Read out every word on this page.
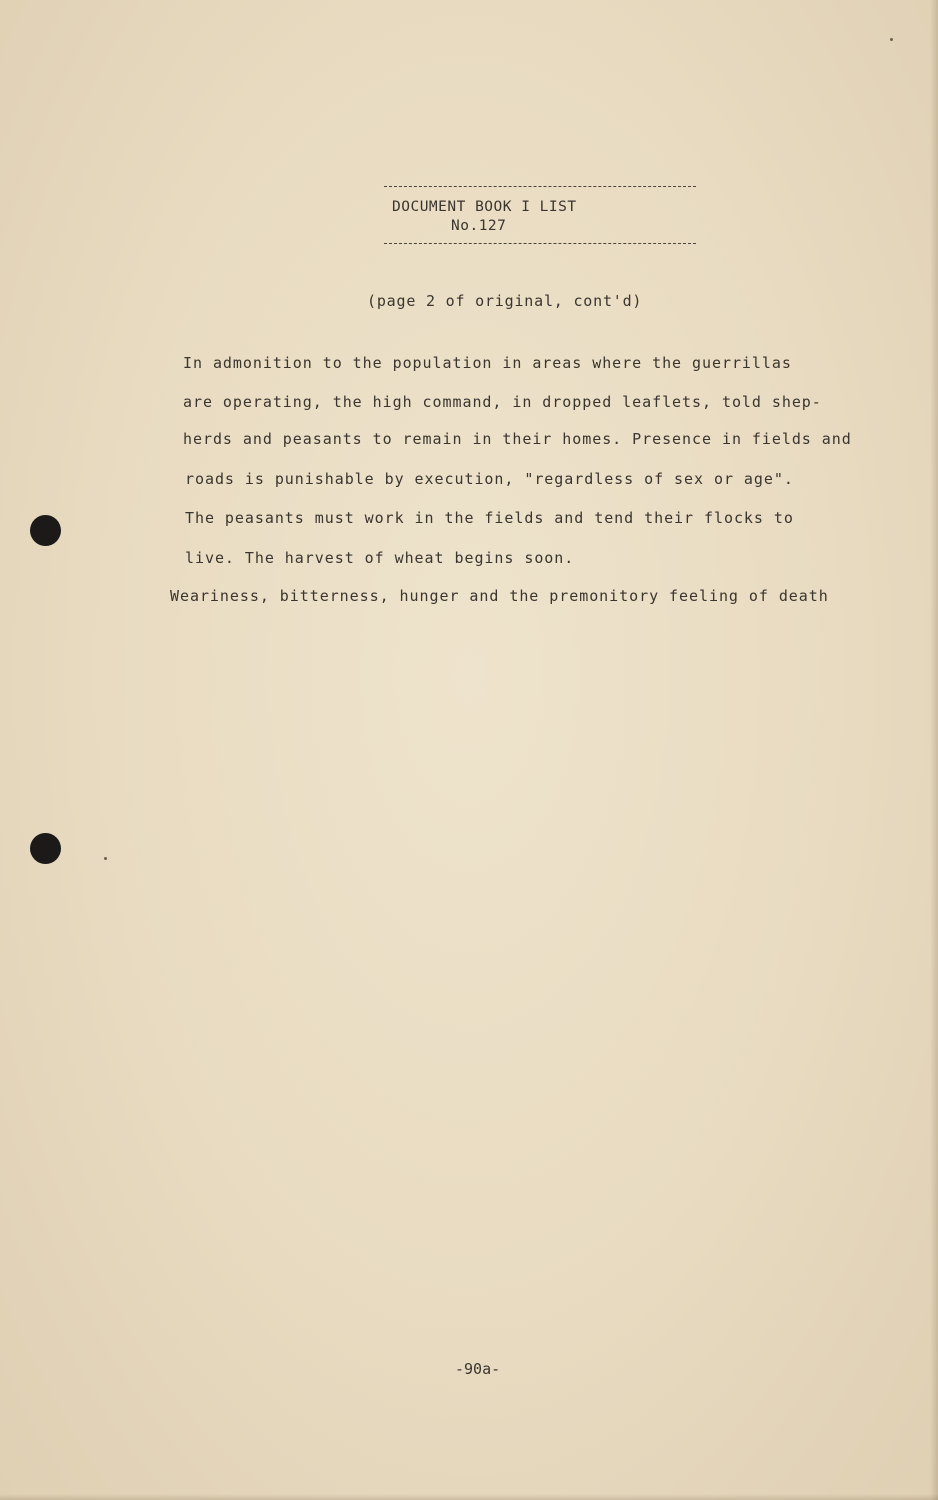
DOCUMENT BOOK I LIST
No.127
(page 2 of original, cont'd)
In admonition to the population in areas where the guerrillas
are operating, the high command, in dropped leaflets, told shep-
herds and peasants to remain in their homes. Presence in fields and
roads is punishable by execution, "regardless of sex or age".
The peasants must work in the fields and tend their flocks to
live. The harvest of wheat begins soon.
Weariness, bitterness, hunger and the premonitory feeling of death
-90a-
